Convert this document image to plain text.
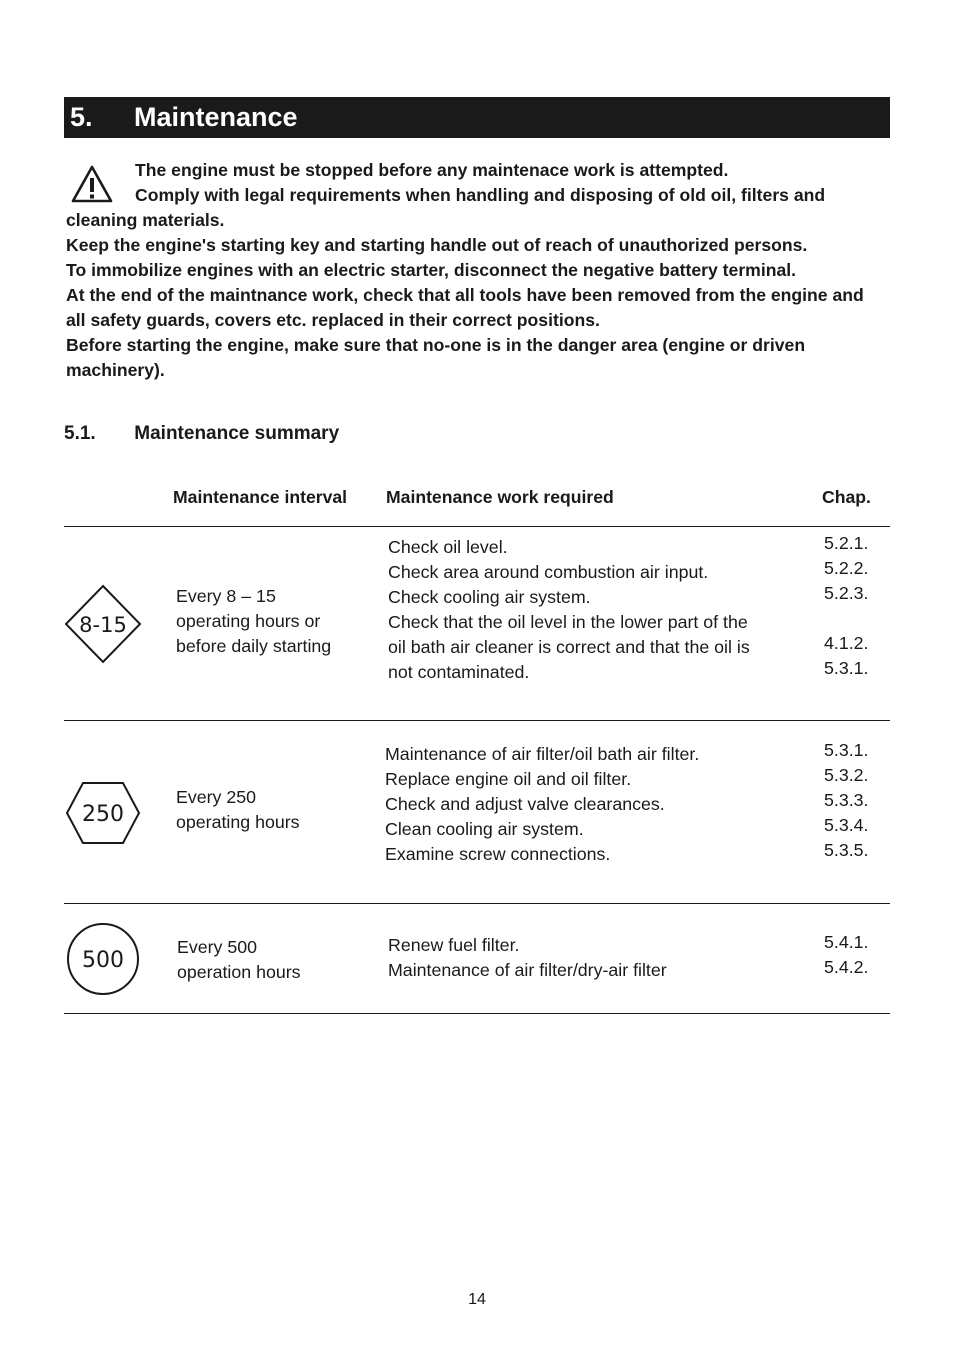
5.	Maintenance

The engine must be stopped before any maintenace work is attempted.

Comply with legal requirements when handling and disposing of old oil, filters and cleaning materials.

Keep the engine's starting key and starting handle out of reach of unauthorized persons.

To immobilize engines with an electric starter, disconnect the negative battery terminal.

At the end of the maintnance work, check that all tools have been removed from the engine and all safety guards, covers etc. replaced in their correct positions.

Before starting the engine, make sure that no-one is in the danger area (engine or driven machinery).

5.1. Maintenance summary
Maintenance interval Maintenance work required	Chap.
8-15

Every 8 – 15

operating hours or

before daily starting

Check oil level.

Check area around combustion air input.

Check cooling air system.

Check that the oil level in the lower part of the

oil bath air cleaner is correct and that the oil is

not contaminated.

5.2.1.

5.2.2.

5.2.3.

4.1.2.

5.3.1.

250

Every 250

operating hours

Maintenance of air filter/oil bath air filter.

Replace engine oil and oil filter.

Check and adjust valve clearances.

Clean cooling air system.

Examine screw connections.

5.3.1.

5.3.2.

5.3.3.

5.3.4.

5.3.5.

500

Every 500

operation hours

Renew fuel filter.

Maintenance of air filter/dry-air filter

5.4.1.

5.4.2.

14
